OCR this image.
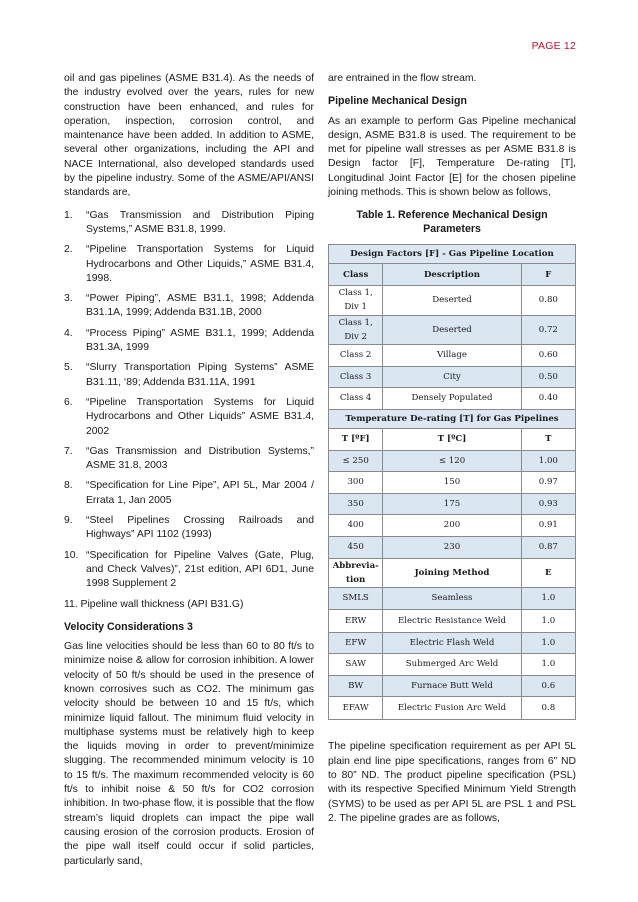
PAGE 12

oil and gas pipelines (ASME B31.4). As the needs of the industry evolved over the years, rules for new construction have been enhanced, and rules for operation, inspection, corrosion control, and maintenance have been added. In addition to ASME, several other organizations, including the API and NACE International, also developed standards used by the pipeline industry. Some of the ASME/API/ANSI standards are,

1.	“Gas Transmission and Distribution Piping Systems,” ASME B31.8, 1999.
2.	“Pipeline Transportation Systems for Liquid Hydrocarbons and Other Liquids,” ASME B31.4, 1998.
3.	“Power Piping”, ASME B31.1, 1998; Addenda B31.1A, 1999; Addenda B31.1B, 2000
4.	“Process Piping” ASME B31.1, 1999; Addenda B31.3A, 1999
5.	“Slurry Transportation Piping Systems” ASME B31.11, ‘89; Addenda B31.11A, 1991
6.	“Pipeline Transportation Systems for Liquid Hydrocarbons and Other Liquids” ASME B31.4, 2002
7.	“Gas Transmission and Distribution Systems,” ASME 31.8, 2003
8.	“Specification for Line Pipe”, API 5L, Mar 2004 / Errata 1, Jan 2005
9.	“Steel Pipelines Crossing Railroads and Highways” API 1102 (1993)
10. “Specification for Pipeline Valves (Gate, Plug, and Check Valves)”, 21st edition, API 6D1, June 1998 Supplement 2

11. Pipeline wall thickness (API B31.G)

Velocity Considerations 3

Gas line velocities should be less than 60 to 80 ft/s to minimize noise & allow for corrosion inhibition. A lower velocity of 50 ft/s should be used in the presence of known corrosives such as CO2. The minimum gas velocity should be between 10 and 15 ft/s, which minimize liquid fallout. The minimum fluid velocity in multiphase systems must be relatively high to keep the liquids moving in order to prevent/minimize slugging. The recommended minimum velocity is 10 to 15 ft/s. The maximum recommended velocity is 60 ft/s to inhibit noise & 50 ft/s for CO2 corrosion inhibition. In two-phase flow, it is possible that the flow stream’s liquid droplets can impact the pipe wall causing erosion of the corrosion products. Erosion of the pipe wall itself could occur if solid particles, particularly sand,

are entrained in the flow stream.

Pipeline Mechanical Design

As an example to perform Gas Pipeline mechanical design, ASME B31.8 is used. The requirement to be met for pipeline wall stresses as per ASME B31.8 is Design factor [F], Temperature De-rating [T], Longitudinal Joint Factor [E] for the chosen pipeline joining methods. This is shown below as follows,

Table 1. Reference Mechanical Design Parameters
Design Factors [F] - Gas Pipeline Location		
Class	Description	F
Class 1, Div 1	Deserted	0.80
Class 1, Div 2	Deserted	0.72
Class 2	Village	0.60
Class 3	City	0.50
Class 4	Densely Populated	0.40
Temperature De-rating [T] for Gas Pipelines		
T [ºF]	T [ºC]	T
≤ 250	≤ 120	1.00
300	150	0.97
350	175	0.93
400	200	0.91
450	230	0.87
Abbrevia-tion	Joining Method	E
SMLS	Seamless	1.0
ERW	Electric Resistance Weld	1.0
EFW	Electric Flash Weld	1.0
SAW	Submerged Arc Weld	1.0
BW	Furnace Butt Weld	0.6
EFAW	Electric Fusion Arc Weld	0.8

The pipeline specification requirement as per API 5L plain end line pipe specifications, ranges from 6” ND to 80” ND. The product pipeline specification (PSL) with its respective Specified Minimum Yield Strength (SYMS) to be used as per API 5L are PSL 1 and PSL 2. The pipeline grades are as follows,
